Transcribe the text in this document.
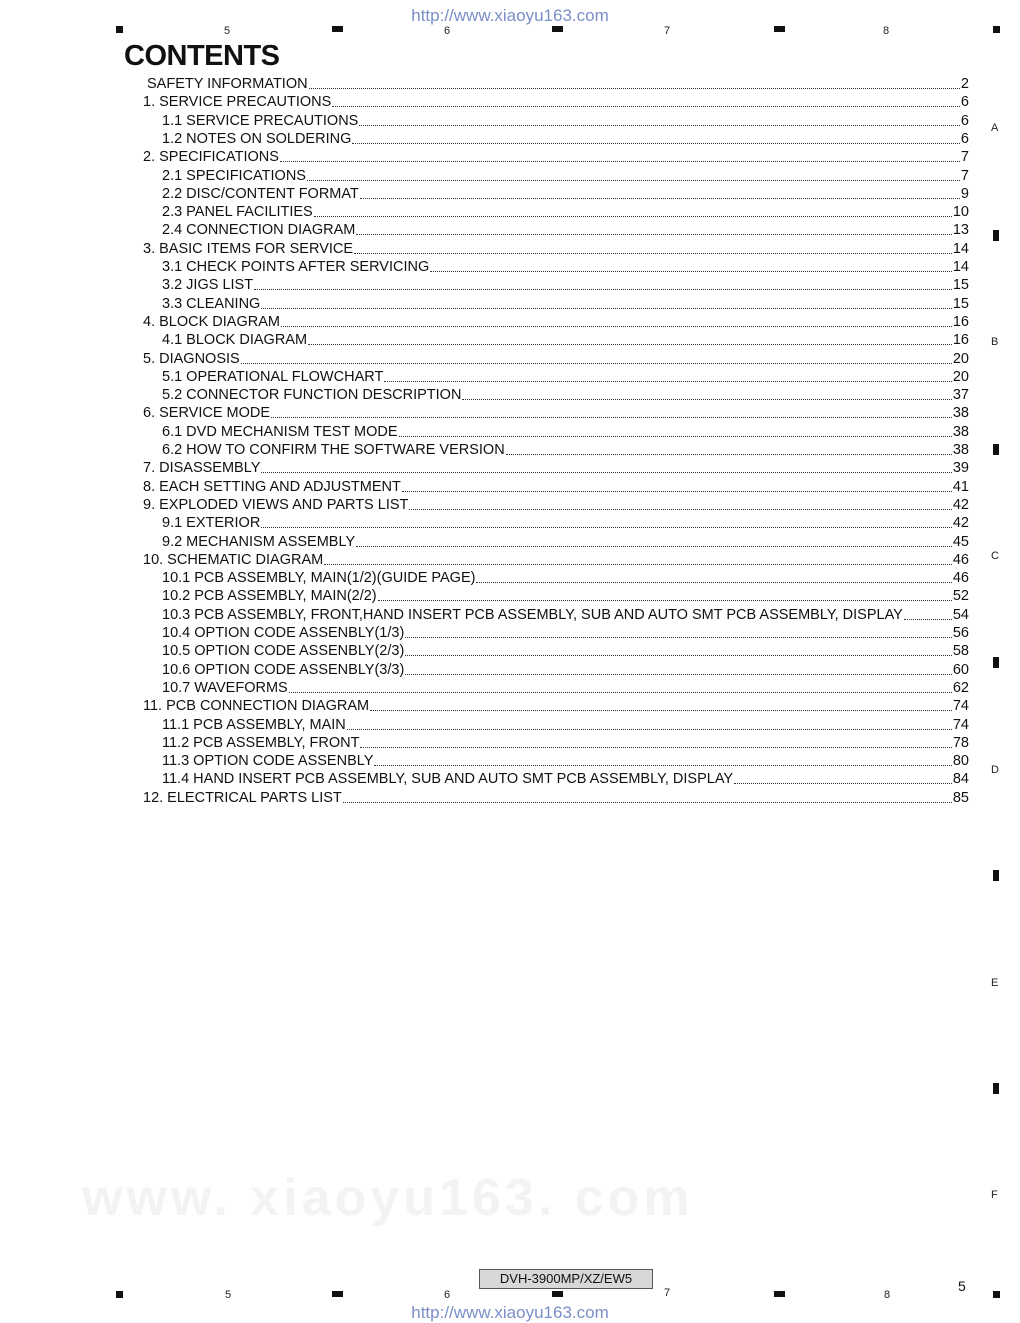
http://www.xiaoyu163.com
5	6	7	8
A
B
C
D
E
F
www. xiaoyu163. com
CONTENTS
SAFETY INFORMATION	2
1. SERVICE PRECAUTIONS	6
1.1 SERVICE PRECAUTIONS	6
1.2 NOTES ON SOLDERING	6
2. SPECIFICATIONS	7
2.1 SPECIFICATIONS	7
2.2 DISC/CONTENT FORMAT	9
2.3 PANEL FACILITIES	10
2.4 CONNECTION DIAGRAM	13
3. BASIC ITEMS FOR SERVICE	14
3.1 CHECK POINTS AFTER SERVICING	14
3.2 JIGS LIST	15
3.3 CLEANING	15
4. BLOCK DIAGRAM	16
4.1 BLOCK DIAGRAM	16
5. DIAGNOSIS	20
5.1 OPERATIONAL FLOWCHART	20
5.2 CONNECTOR FUNCTION DESCRIPTION	37
6. SERVICE MODE	38
6.1 DVD MECHANISM TEST MODE	38
6.2 HOW TO CONFIRM THE SOFTWARE VERSION	38
7. DISASSEMBLY	39
8. EACH SETTING AND ADJUSTMENT	41
9. EXPLODED VIEWS AND PARTS LIST	42
9.1 EXTERIOR	42
9.2 MECHANISM ASSEMBLY	45
10. SCHEMATIC DIAGRAM	46
10.1 PCB ASSEMBLY, MAIN(1/2)(GUIDE PAGE)	46
10.2 PCB ASSEMBLY, MAIN(2/2)	52
10.3 PCB ASSEMBLY, FRONT,HAND INSERT PCB ASSEMBLY, SUB AND AUTO SMT PCB ASSEMBLY, DISPLAY	54
10.4 OPTION CODE ASSENBLY(1/3)	56
10.5 OPTION CODE ASSENBLY(2/3)	58
10.6 OPTION CODE ASSENBLY(3/3)	60
10.7 WAVEFORMS	62
11. PCB CONNECTION DIAGRAM	74
11.1 PCB ASSEMBLY, MAIN	74
11.2 PCB ASSEMBLY, FRONT	78
11.3 OPTION CODE ASSENBLY	80
11.4 HAND INSERT PCB ASSEMBLY, SUB AND AUTO SMT PCB ASSEMBLY, DISPLAY	84
12. ELECTRICAL PARTS LIST	85
DVH-3900MP/XZ/EW5	5
5	6	7	8
http://www.xiaoyu163.com
